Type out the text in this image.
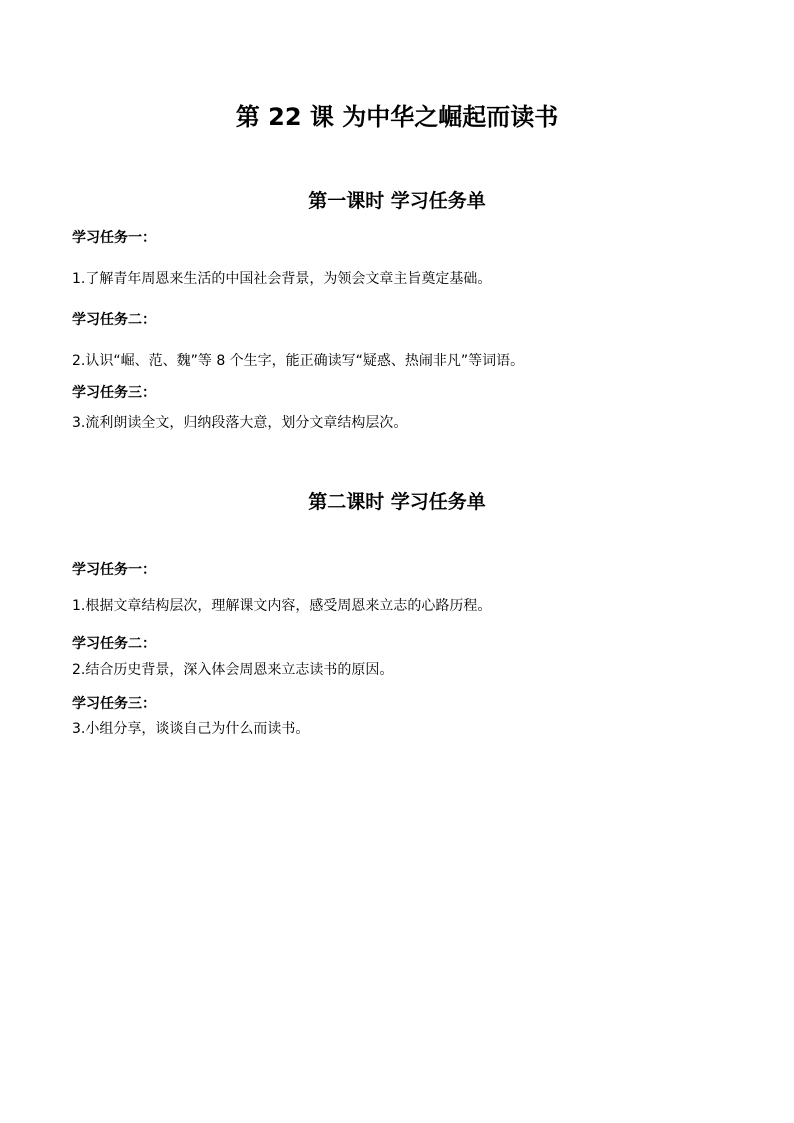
第 22 课 为中华之崛起而读书
第一课时 学习任务单

学习任务一：

1.了解青年周恩来生活的中国社会背景，为领会文章主旨奠定基础。

学习任务二：

2.认识“崛、范、魏”等 8 个生字，能正确读写“疑惑、热闹非凡”等词语。

学习任务三：

3.流利朗读全文，归纳段落大意，划分文章结构层次。

第二课时 学习任务单

学习任务一：

1.根据文章结构层次，理解课文内容，感受周恩来立志的心路历程。

学习任务二：

2.结合历史背景，深入体会周恩来立志读书的原因。

学习任务三：

3.小组分享，谈谈自己为什么而读书。
